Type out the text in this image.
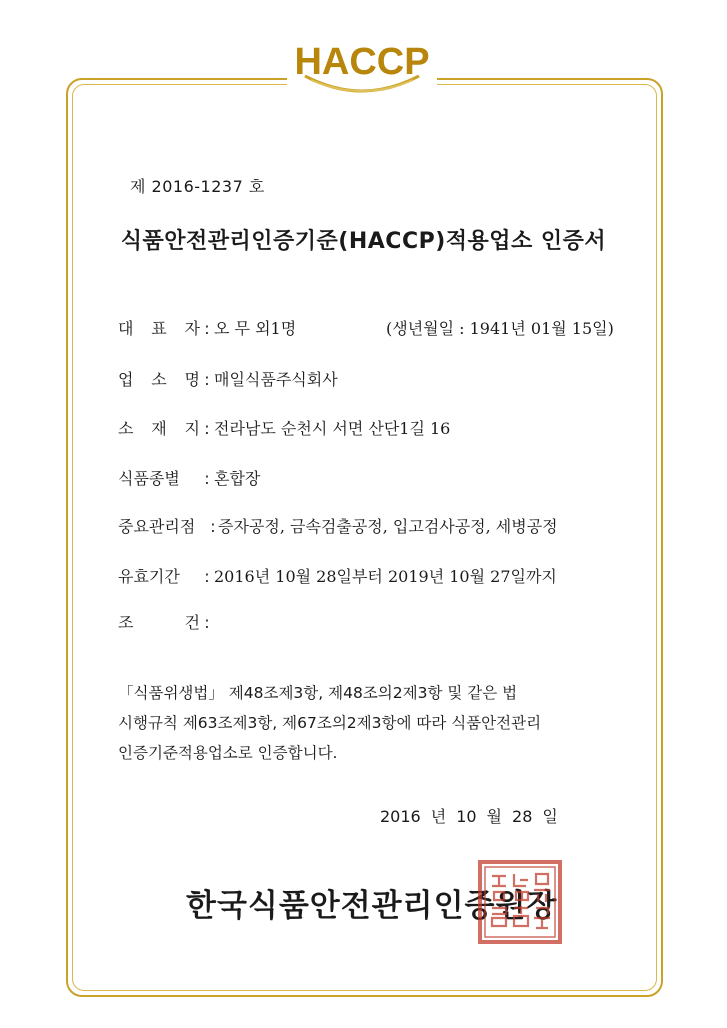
HACCP
제 2016-1237 호
식품안전관리인증기준(HACCP)적용업소 인증서
대 표 자 : 오 무 외1명	(생년월일 : 1941년 01월 15일)
업 소 명 : 매일식품주식회사
소 재 지 : 전라남도 순천시 서면 산단1길 16
식품종별 : 혼합장
중요관리점 : 증자공정, 금속검출공정, 입고검사공정, 세병공정
유효기간 : 2016년 10월 28일부터 2019년 10월 27일까지
조 건 :
「식품위생법」 제48조제3항, 제48조의2제3항 및 같은 법
시행규칙 제63조제3항, 제67조의2제3항에 따라 식품안전관리
인증기준적용업소로 인증합니다.
2016 년 10 월 28 일
한국식품안전관리인증원장
